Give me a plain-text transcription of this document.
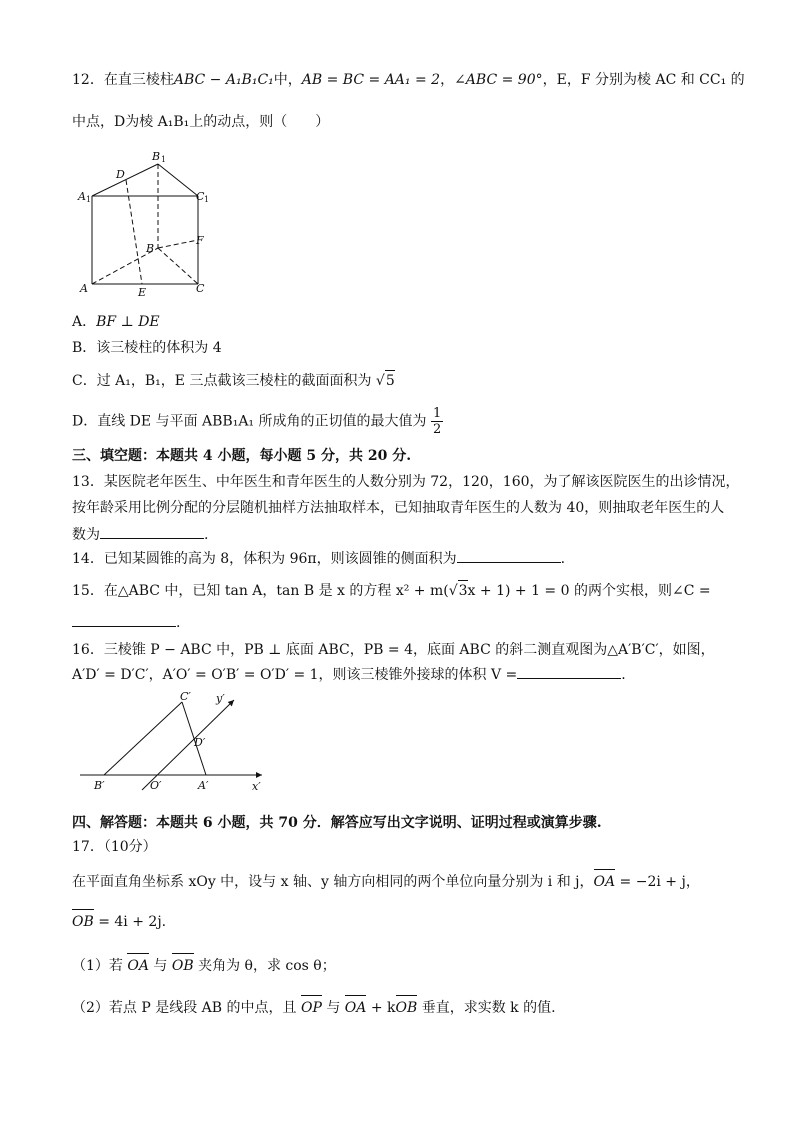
12．在直三棱柱ABC − A₁B₁C₁中，AB = BC = AA₁ = 2，∠ABC = 90°，E，F 分别为棱 AC 和 CC₁ 的
中点，D为棱 A₁B₁上的动点，则（　　）
B 1
D
A 1	C 1
B
F
A	E	C
A．BF ⊥ DE
B．该三棱柱的体积为 4
C．过 A₁，B₁，E 三点截该三棱柱的截面面积为 √5
D．直线 DE 与平面 ABB₁A₁ 所成角的正切值的最大值为 $\frac{1}{2}$
三、填空题：本题共 4 小题，每小题 5 分，共 20 分.
13．某医院老年医生、中年医生和青年医生的人数分别为 72，120，160，为了解该医院医生的出诊情况，
按年龄采用比例分配的分层随机抽样方法抽取样本，已知抽取青年医生的人数为 40，则抽取老年医生的人
数为	.
14．已知某圆锥的高为 8，体积为 96π，则该圆锥的侧面积为	.
15．在△ABC 中，已知 tan A，tan B 是 x 的方程 x² + m(√3x + 1) + 1 = 0 的两个实根，则∠C =
.
16．三棱锥 P − ABC 中，PB ⊥ 底面 ABC，PB = 4，底面 ABC 的斜二测直观图为△A′B′C′，如图，
A′D′ = D′C′，A′O′ = O′B′ = O′D′ = 1，则该三棱锥外接球的体积 V =	.
C′ y′
D′
B′	O′	A′	x′
四、解答题：本题共 6 小题，共 70 分．解答应写出文字说明、证明过程或演算步骤.
17．（10分）
在平面直角坐标系 xOy 中，设与 x 轴、y 轴方向相同的两个单位向量分别为 i 和 j，OA = −2i + j，
OB = 4i + 2j.
（1）若 OA 与 OB 夹角为 θ，求 cos θ；
（2）若点 P 是线段 AB 的中点，且 OP 与 OA + kOB 垂直，求实数 k 的值.
